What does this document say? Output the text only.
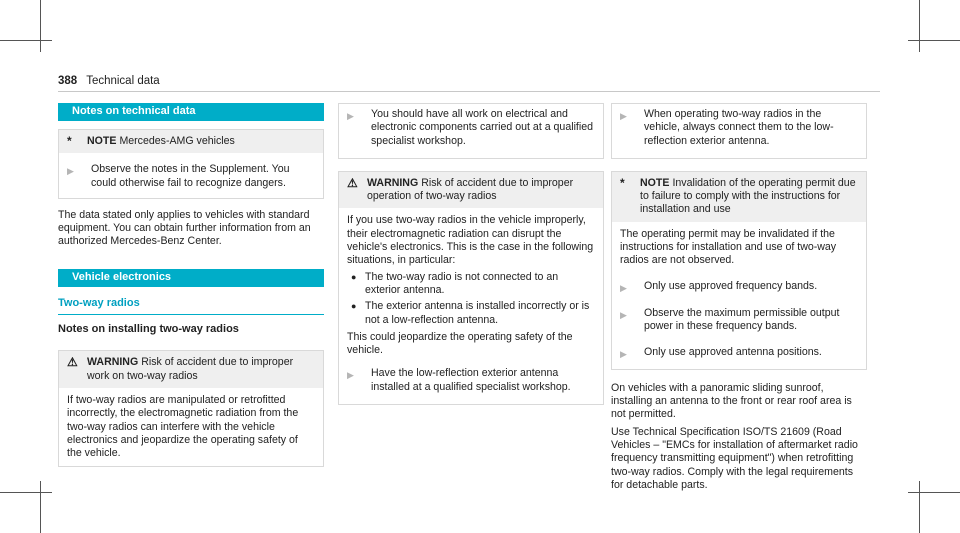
388 Technical data
Notes on technical data
*	NOTE Mercedes-AMG vehicles
▶	Observe the notes in the Supplement. You could otherwise fail to recognize dangers.
The data stated only applies to vehicles with standard equipment. You can obtain further information from an authorized Mercedes-Benz Center.
Vehicle electronics
Two-way radios
Notes on installing two-way radios
⚠ WARNING Risk of accident due to improper work on two-way radios
If two-way radios are manipulated or retrofitted incorrectly, the electromagnetic radiation from the two-way radios can interfere with the vehicle electronics and jeopardize the operating safety of the vehicle.
▶	You should have all work on electrical and electronic components carried out at a qualified specialist workshop.
⚠ WARNING Risk of accident due to improper operation of two-way radios
If you use two-way radios in the vehicle improperly, their electromagnetic radiation can disrupt the vehicle's electronics. This is the case in the following situations, in particular:
● The two-way radio is not connected to an exterior antenna.
● The exterior antenna is installed incorrectly or is not a low-reflection antenna.
This could jeopardize the operating safety of the vehicle.
▶	Have the low-reflection exterior antenna installed at a qualified specialist workshop.
▶	When operating two-way radios in the vehicle, always connect them to the low-reflection exterior antenna.
*	NOTE Invalidation of the operating permit due to failure to comply with the instructions for installation and use
The operating permit may be invalidated if the instructions for installation and use of two-way radios are not observed.
▶	Only use approved frequency bands.
▶	Observe the maximum permissible output power in these frequency bands.
▶	Only use approved antenna positions.
On vehicles with a panoramic sliding sunroof, installing an antenna to the front or rear roof area is not permitted.
Use Technical Specification ISO/TS 21609 (Road Vehicles – "EMCs for installation of aftermarket radio frequency transmitting equipment") when retrofitting two-way radios. Comply with the legal requirements for detachable parts.
